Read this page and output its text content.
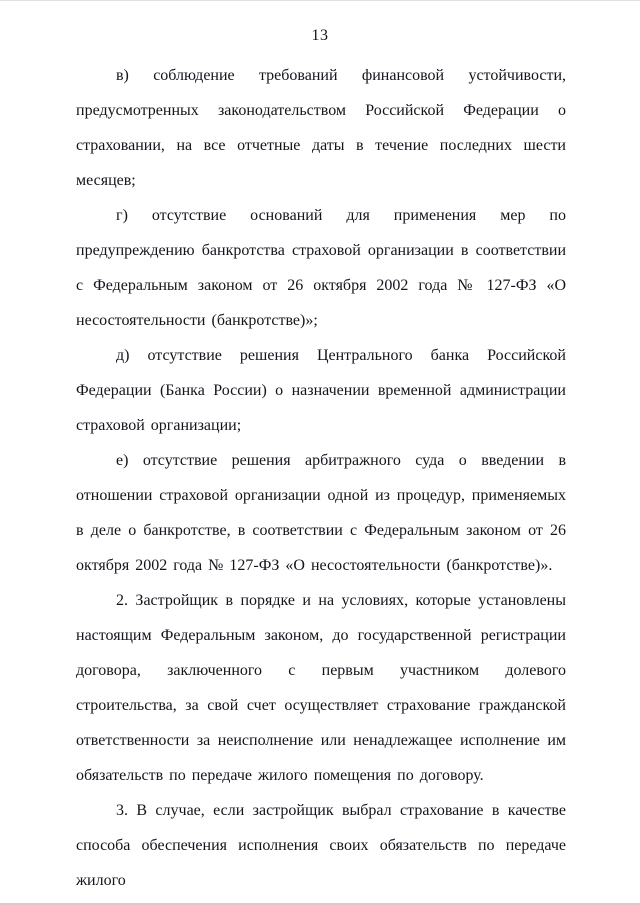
13

в) соблюдение требований финансовой устойчивости, предусмотренных законодательством Российской Федерации о страховании, на все отчетные даты в течение последних шести месяцев;

г) отсутствие оснований для применения мер по предупреждению банкротства страховой организации в соответствии с Федеральным законом от 26 октября 2002 года № 127-ФЗ «О несостоятельности (банкротстве)»;

д) отсутствие решения Центрального банка Российской Федерации (Банка России) о назначении временной администрации страховой организации;

е) отсутствие решения арбитражного суда о введении в отношении страховой организации одной из процедур, применяемых в деле о банкротстве, в соответствии с Федеральным законом от 26 октября 2002 года № 127-ФЗ «О несостоятельности (банкротстве)».

2. Застройщик в порядке и на условиях, которые установлены настоящим Федеральным законом, до государственной регистрации договора, заключенного с первым участником долевого строительства, за свой счет осуществляет страхование гражданской ответственности за неисполнение или ненадлежащее исполнение им обязательств по передаче жилого помещения по договору.

3. В случае, если застройщик выбрал страхование в качестве способа обеспечения исполнения своих обязательств по передаче жилого
